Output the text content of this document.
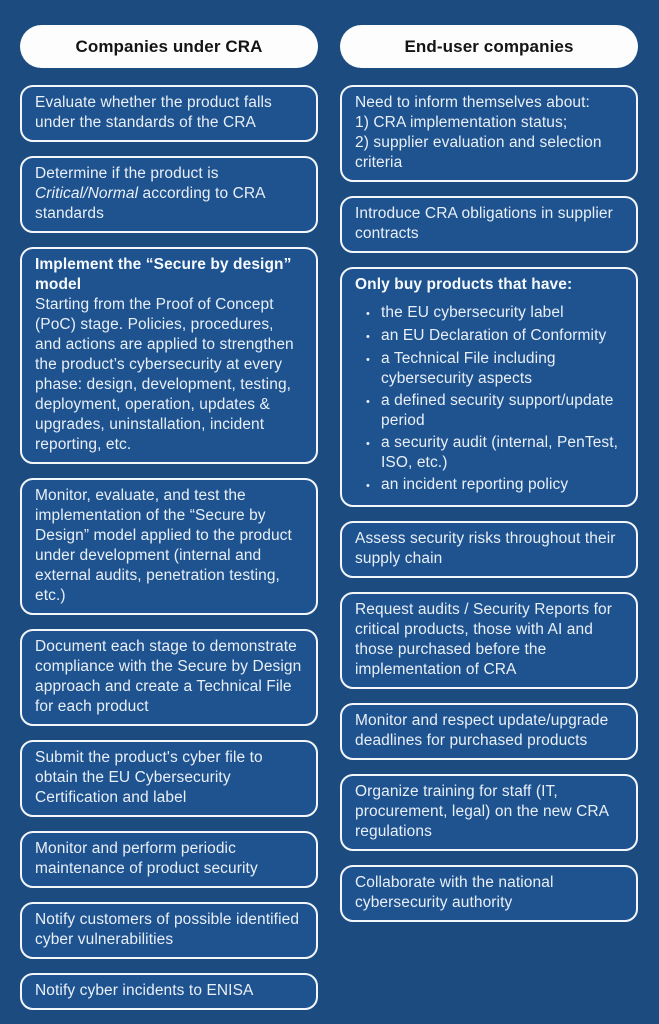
Companies under CRA
Evaluate whether the product falls under the standards of the CRA
Determine if the product is Critical/Normal according to CRA standards
Implement the “Secure by design” model
Starting from the Proof of Concept (PoC) stage. Policies, procedures, and actions are applied to strengthen the product’s cybersecurity at every phase: design, development, testing, deployment, operation, updates & upgrades, uninstallation, incident reporting, etc.
Monitor, evaluate, and test the implementation of the “Secure by Design” model applied to the product under development (internal and external audits, penetration testing, etc.)
Document each stage to demonstrate compliance with the Secure by Design approach and create a Technical File for each product
Submit the product's cyber file to obtain the EU Cybersecurity Certification and label
Monitor and perform periodic maintenance of product security
Notify customers of possible identified cyber vulnerabilities
Notify cyber incidents to ENISA
End-user companies
Need to inform themselves about:
1) CRA implementation status;
2) supplier evaluation and selection criteria
Introduce CRA obligations in supplier contracts
Only buy products that have:
• the EU cybersecurity label
• an EU Declaration of Conformity
• a Technical File including cybersecurity aspects
• a defined security support/update period
• a security audit (internal, PenTest, ISO, etc.)
• an incident reporting policy
Assess security risks throughout their supply chain
Request audits / Security Reports for critical products, those with AI and those purchased before the implementation of CRA
Monitor and respect update/upgrade deadlines for purchased products
Organize training for staff (IT, procurement, legal) on the new CRA regulations
Collaborate with the national cybersecurity authority
